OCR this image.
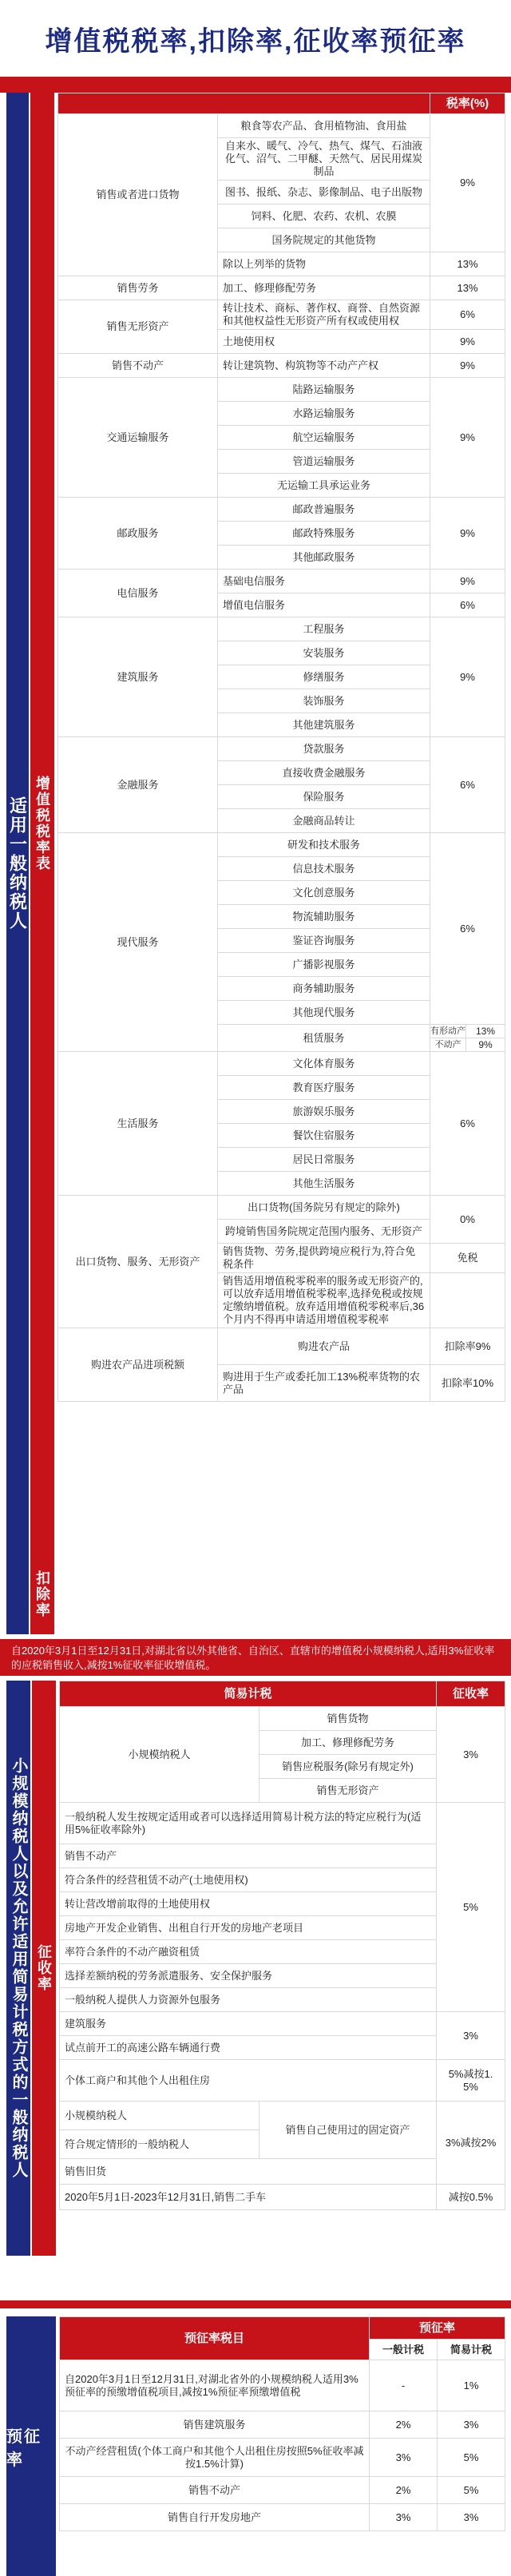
增值税税率,扣除率,征收率预征率
适用一般纳税人 增值税税率表
扣除率
		税率(%)
销售或者进口货物	粮食等农产品、食用植物油、食用盐	9%
	自来水、暖气、冷气、热气、煤气、石油液化气、沼气、二甲醚、天然气、居民用煤炭制品	
	图书、报纸、杂志、影像制品、电子出版物	
	饲料、化肥、农药、农机、农膜	
	国务院规定的其他货物	
	除以上列举的货物	13%
销售劳务	加工、修理修配劳务	13%
销售无形资产	转让技术、商标、著作权、商誉、自然资源和其他权益性无形资产所有权或使用权	6%
	土地使用权	9%
销售不动产	转让建筑物、构筑物等不动产产权	9%
交通运输服务	陆路运输服务	9%
	水路运输服务	
	航空运输服务	
	管道运输服务	
	无运输工具承运业务	
邮政服务	邮政普遍服务	9%
	邮政特殊服务	
	其他邮政服务	
电信服务	基础电信服务	9%
	增值电信服务	6%
建筑服务	工程服务	9%
	安装服务	
	修缮服务	
	装饰服务	
	其他建筑服务	
金融服务	贷款服务	6%
	直接收费金融服务	
	保险服务	
	金融商品转让	
现代服务	研发和技术服务	6%
	信息技术服务	
	文化创意服务	
	物流辅助服务	
	鉴证咨询服务	
	广播影视服务	
	商务辅助服务	
	其他现代服务	
	租赁服务	有形动产 13%
不动产 9%

生活服务	文化体育服务	6%
	教育医疗服务	
	旅游娱乐服务	
	餐饮住宿服务	
	居民日常服务	
	其他生活服务	
出口货物、服务、无形资产	出口货物(国务院另有规定的除外)	0%
	跨境销售国务院规定范围内服务、无形资产	
	销售货物、劳务,提供跨境应税行为,符合免税条件	免税
	销售适用增值税零税率的服务或无形资产的,可以放弃适用增值税零税率,选择免税或按规定缴纳增值税。放弃适用增值税零税率后,36个月内不得再申请适用增值税零税率	
购进农产品进项税额	购进农产品	扣除率9%
	购进用于生产或委托加工13%税率货物的农产品	扣除率10%
自2020年3月1日至12月31日,对湖北省以外其他省、自治区、直辖市的增值税小规模纳税人,适用3%征收率的应税销售收入,减按1%征收率征收增值税。
小规模纳税人以及允许适用简易计税方式的一般纳税人 征收率
简易计税		征收率
小规模纳税人	销售货物	3%
	加工、修理修配劳务	
	销售应税服务(除另有规定外)	
	销售无形资产	
一般纳税人发生按规定适用或者可以选择适用简易计税方法的特定应税行为(适用5%征收率除外)		5%
销售不动产		
符合条件的经营租赁不动产(土地使用权)		
转让营改增前取得的土地使用权		
房地产开发企业销售、出租自行开发的房地产老项目		
率符合条件的不动产融资租赁		
选择差额纳税的劳务派遣服务、安全保护服务		
一般纳税人提供人力资源外包服务		
建筑服务		3%
试点前开工的高速公路车辆通行费		
个体工商户和其他个人出租住房		5%减按1.5%
小规模纳税人	销售自己使用过的固定资产	3%减按2%
符合规定情形的一般纳税人		
销售旧货		
2020年5月1日-2023年12月31日,销售二手车		减按0.5%
预征率
预征率税目	预征率	
	一般计税	简易计税
自2020年3月1日至12月31日,对湖北省外的小规模纳税人适用3%预征率的预缴增值税项目,减按1%预征率预缴增值税	-	1%
销售建筑服务	2%	3%
不动产经营租赁(个体工商户和其他个人出租住房按照5%征收率减按1.5%计算)	3%	5%
销售不动产	2%	5%
销售自行开发房地产	3%	3%
